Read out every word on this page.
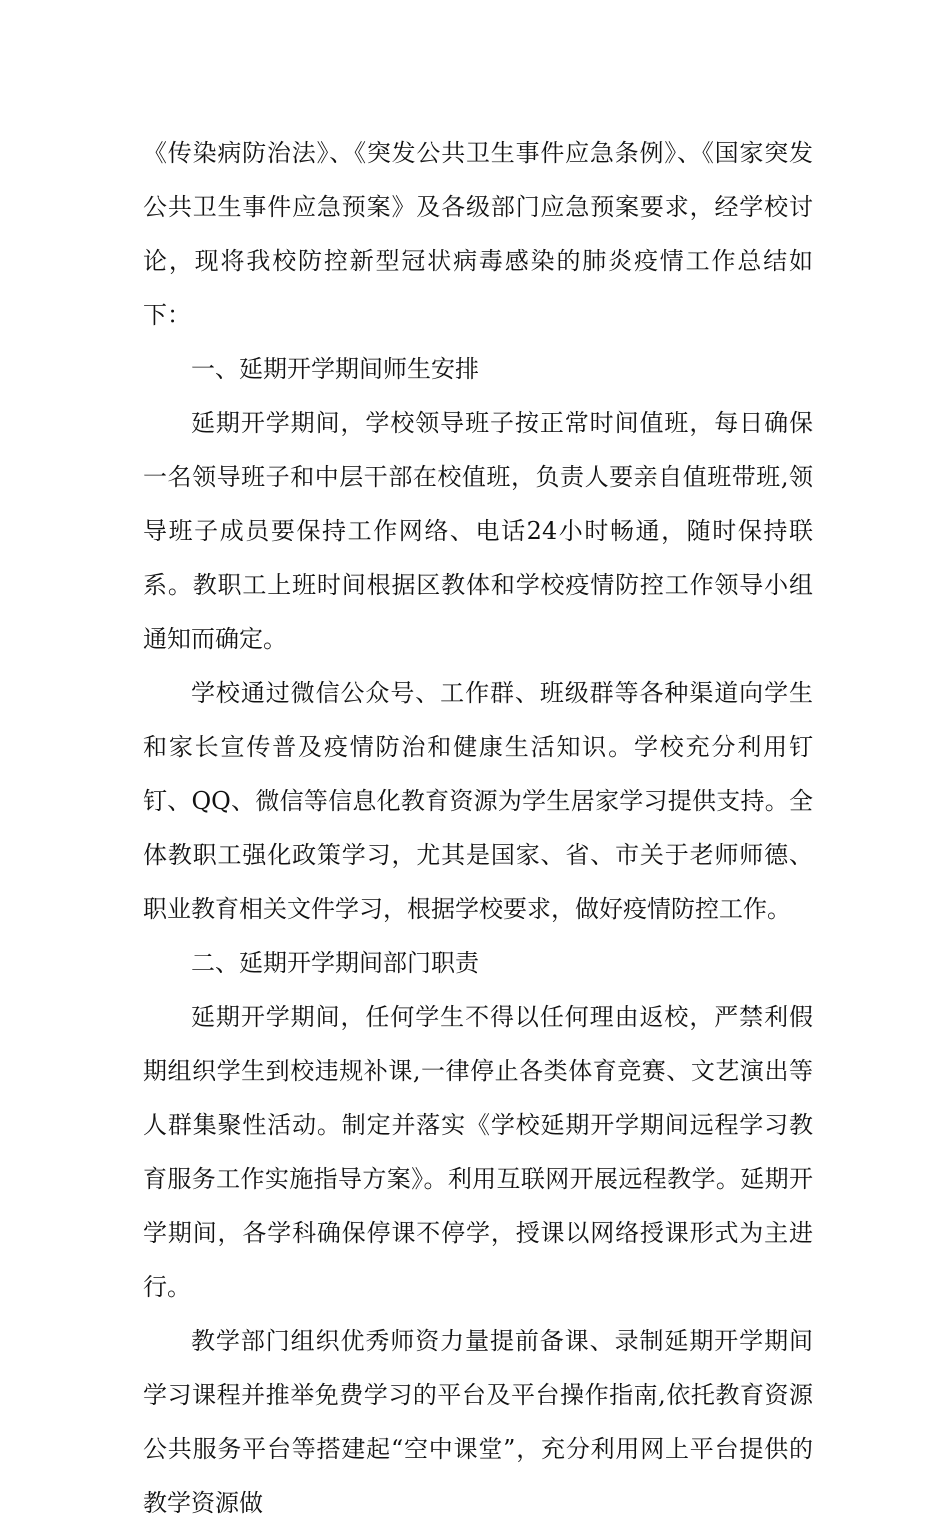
《传染病防治法》、《突发公共卫生事件应急条例》、《国家突发公共卫生事件应急预案》及各级部门应急预案要求，经学校讨论，现将我校防控新型冠状病毒感染的肺炎疫情工作总结如下：

一、延期开学期间师生安排

延期开学期间，学校领导班子按正常时间值班，每日确保一名领导班子和中层干部在校值班，负责人要亲自值班带班,领导班子成员要保持工作网络、电话24小时畅通，随时保持联系。教职工上班时间根据区教体和学校疫情防控工作领导小组通知而确定。

学校通过微信公众号、工作群、班级群等各种渠道向学生和家长宣传普及疫情防治和健康生活知识。学校充分利用钉钉、QQ、微信等信息化教育资源为学生居家学习提供支持。全体教职工强化政策学习，尤其是国家、省、市关于老师师德、职业教育相关文件学习，根据学校要求，做好疫情防控工作。

二、延期开学期间部门职责

延期开学期间，任何学生不得以任何理由返校，严禁利假期组织学生到校违规补课,一律停止各类体育竞赛、文艺演出等人群集聚性活动。制定并落实《学校延期开学期间远程学习教育服务工作实施指导方案》。利用互联网开展远程教学。延期开学期间，各学科确保停课不停学，授课以网络授课形式为主进行。

教学部门组织优秀师资力量提前备课、录制延期开学期间学习课程并推举免费学习的平台及平台操作指南,依托教育资源公共服务平台等搭建起“空中课堂”，充分利用网上平台提供的教学资源做
